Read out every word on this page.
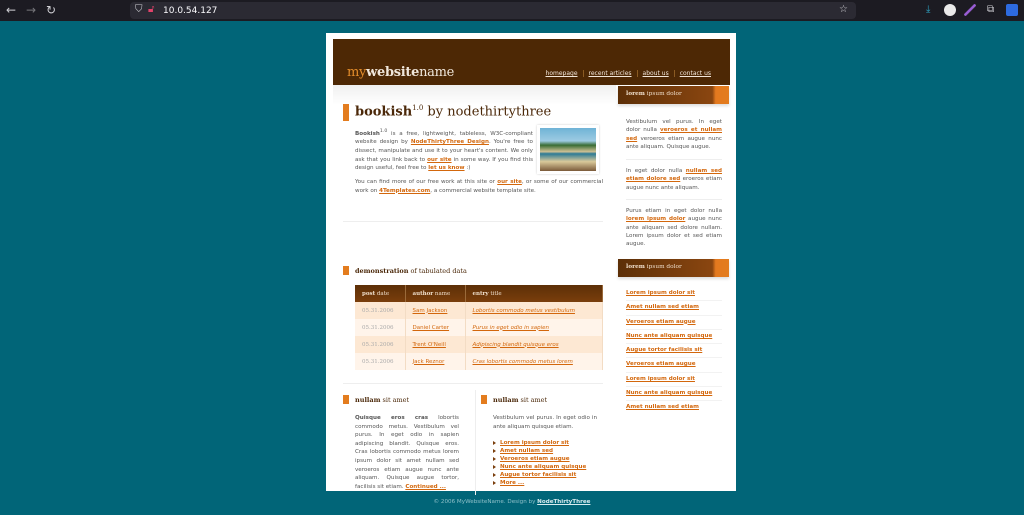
← → ↻	⛉ 🔓︎ 10.0.54.127	☆	⤓	⧉
mywebsitename	homepage	recent articles	about us	contact us
bookish$^{1.0}$ by nodethirtythree
Bookish$^{1.0}$ is a free, lightweight, tableless, W3C-compliant website design by NodeThirtyThree Design. You're free to dissect, manipulate and use it to your heart's content. We only ask that you link back to our site in some way. If you find this design useful, feel free to let us know :)
You can find more of our free work at this site or our site, or some of our commercial work on 4Templates.com, a commercial website template site.
demonstration of tabulated data
post date	author name	entry title
05.31.2006	Sam Jackson	Lobortis commodo metus vestibulum
05.31.2006	Daniel Carter	Purus in eget odio in sapien
05.31.2006	Trent O'Neill	Adipiscing blandit quisque eros
05.31.2006	Jack Reznor	Cras lobortis commodo metus lorem
nullam sit amet
Quisque eros cras lobortis commodo metus. Vestibulum vel purus. In eget odio in sapien adipiscing blandit. Quisque eros. Cras lobortis commodo metus lorem ipsum dolor sit amet nullam sed veroeros etiam augue nunc ante aliquam. Quisque augue tortor, facilisis sit etiam. Continued ...
nullam sit amet
Vestibulum vel purus. In eget odio in ante aliquam quisque etiam.
Lorem ipsum dolor sit
Amet nullam sed
Veroeros etiam augue
Nunc ante aliquam quisque
Augue tortor facilisis sit
More ...
lorem ipsum dolor
Vestibulum vel purus. In eget dolor nulla veroeros et nullam sed veroeros etiam augue nunc ante aliquam. Quisque augue.
In eget dolor nulla nullam sed etiam dolore sed eroeros etiam augue nunc ante aliquam.
Purus etiam in eget dolor nulla lorem ipsum dolor augue nunc ante aliquam sed dolore nullam. Lorem ipsum dolor et sed etiam augue.
lorem ipsum dolor
Lorem ipsum dolor sit
Amet nullam sed etiam
Veroeros etiam augue
Nunc ante aliquam quisque
Augue tortor facilisis sit
Veroeros etiam augue
Lorem ipsum dolor sit
Nunc ante aliquam quisque
Amet nullam sed etiam
© 2006 MyWebsiteName. Design by NodeThirtyThree
